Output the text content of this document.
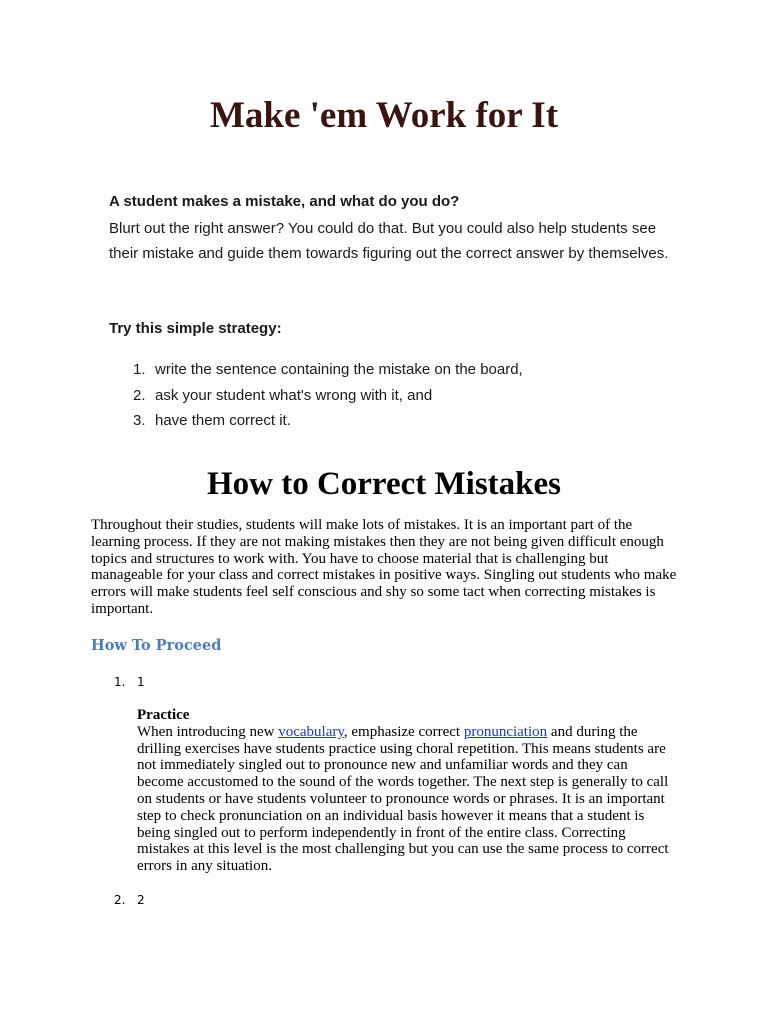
Make 'em Work for It

A student makes a mistake, and what do you do?

Blurt out the right answer? You could do that. But you could also help students see their mistake and guide them towards figuring out the correct answer by themselves.

Try this simple strategy:

1. write the sentence containing the mistake on the board,
2. ask your student what's wrong with it, and
3. have them correct it.
How to Correct Mistakes

Throughout their studies, students will make lots of mistakes. It is an important part of the learning process. If they are not making mistakes then they are not being given difficult enough topics and structures to work with. You have to choose material that is challenging but manageable for your class and correct mistakes in positive ways. Singling out students who make errors will make students feel self conscious and shy so some tact when correcting mistakes is important.

How To Proceed

1. 1

Practice
When introducing new vocabulary, emphasize correct pronunciation and during the drilling exercises have students practice using choral repetition. This means students are not immediately singled out to pronounce new and unfamiliar words and they can become accustomed to the sound of the words together. The next step is generally to call on students or have students volunteer to pronounce words or phrases. It is an important step to check pronunciation on an individual basis however it means that a student is being singled out to perform independently in front of the entire class. Correcting mistakes at this level is the most challenging but you can use the same process to correct errors in any situation.

2. 2
